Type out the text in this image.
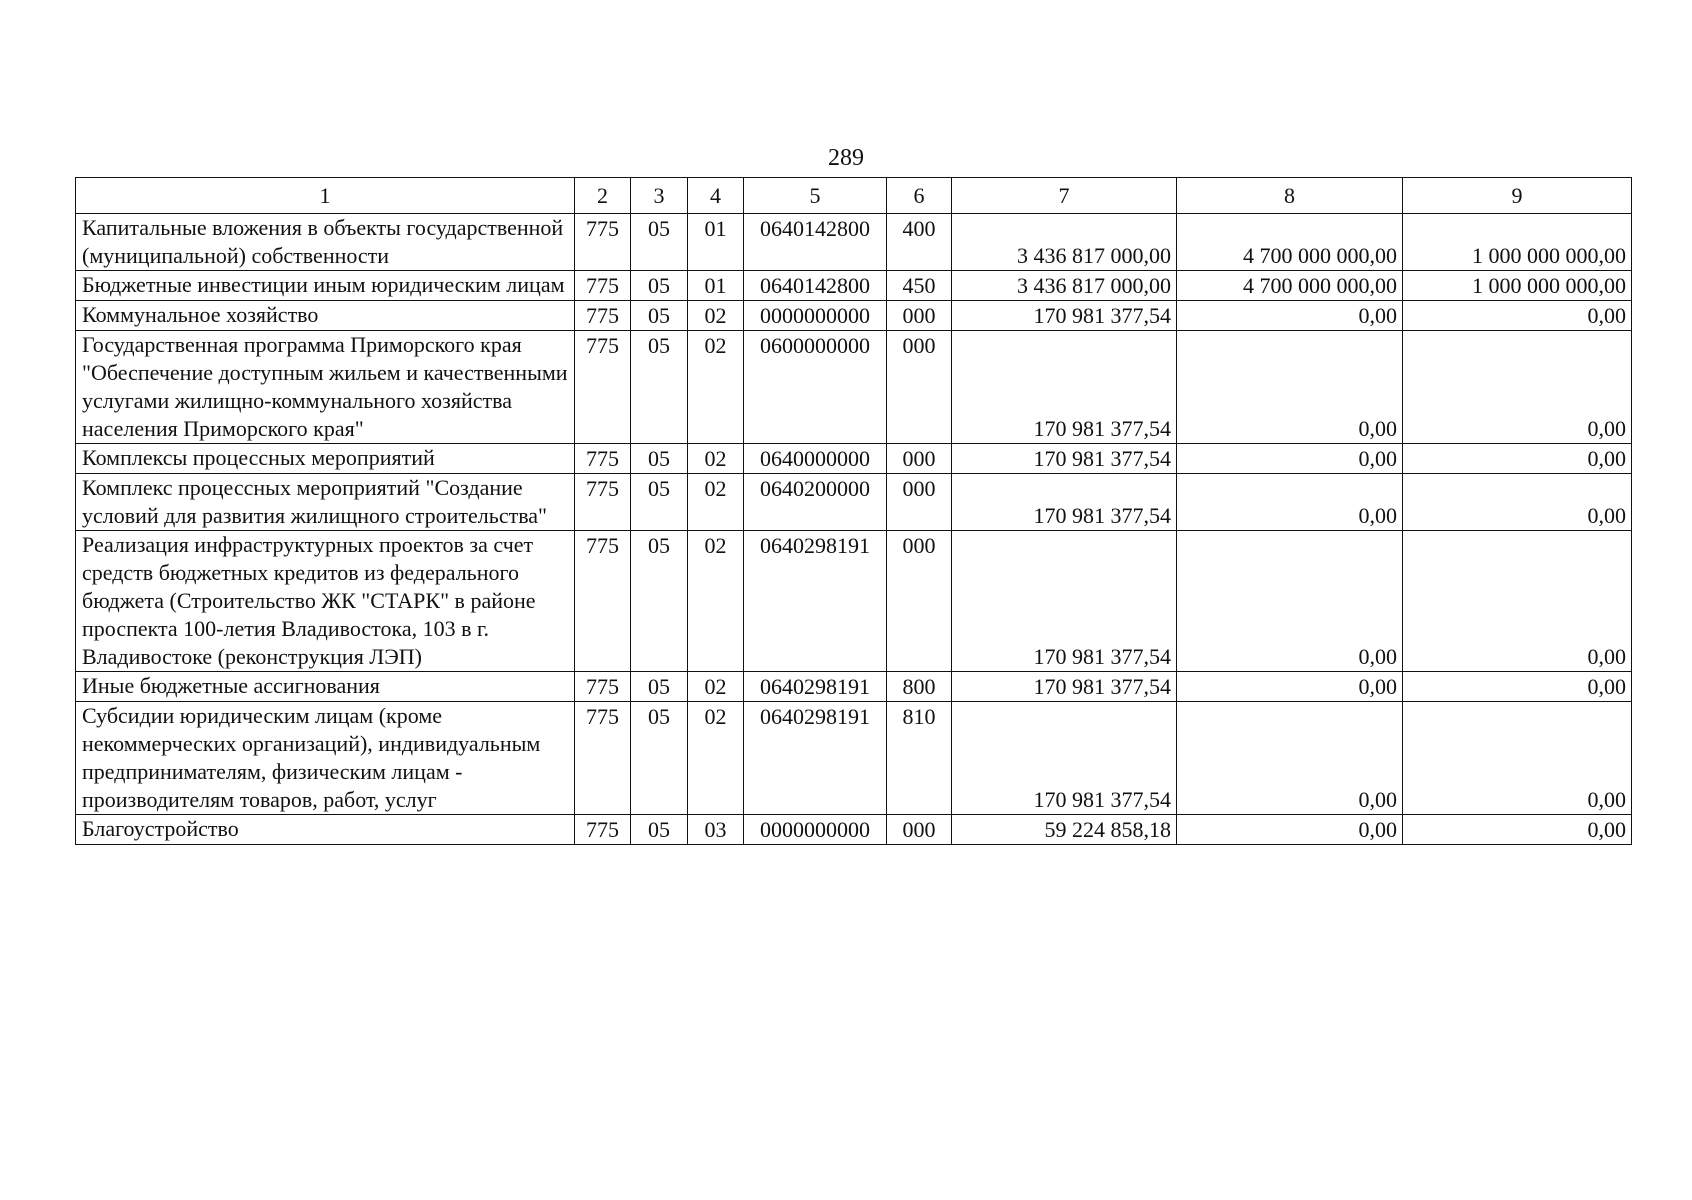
289
1	2	3	4	5	6	7	8	9
Капитальные вложения в объекты государственной (муниципальной) собственности	775	05	01	0640142800	400	3 436 817 000,00	4 700 000 000,00	1 000 000 000,00
Бюджетные инвестиции иным юридическим лицам	775	05	01	0640142800	450	3 436 817 000,00	4 700 000 000,00	1 000 000 000,00
Коммунальное хозяйство	775	05	02	0000000000	000	170 981 377,54	0,00	0,00
Государственная программа Приморского края "Обеспечение доступным жильем и качественными услугами жилищно-коммунального хозяйства населения Приморского края"	775	05	02	0600000000	000	170 981 377,54	0,00	0,00
Комплексы процессных мероприятий	775	05	02	0640000000	000	170 981 377,54	0,00	0,00
Комплекс процессных мероприятий "Создание условий для развития жилищного строительства"	775	05	02	0640200000	000	170 981 377,54	0,00	0,00
Реализация инфраструктурных проектов за счет средств бюджетных кредитов из федерального бюджета (Строительство ЖК "СТАРК" в районе проспекта 100-летия Владивостока, 103 в г. Владивостоке (реконструкция ЛЭП)	775	05	02	0640298191	000	170 981 377,54	0,00	0,00
Иные бюджетные ассигнования	775	05	02	0640298191	800	170 981 377,54	0,00	0,00
Субсидии юридическим лицам (кроме некоммерческих организаций), индивидуальным предпринимателям, физическим лицам - производителям товаров, работ, услуг	775	05	02	0640298191	810	170 981 377,54	0,00	0,00
Благоустройство	775	05	03	0000000000	000	59 224 858,18	0,00	0,00
